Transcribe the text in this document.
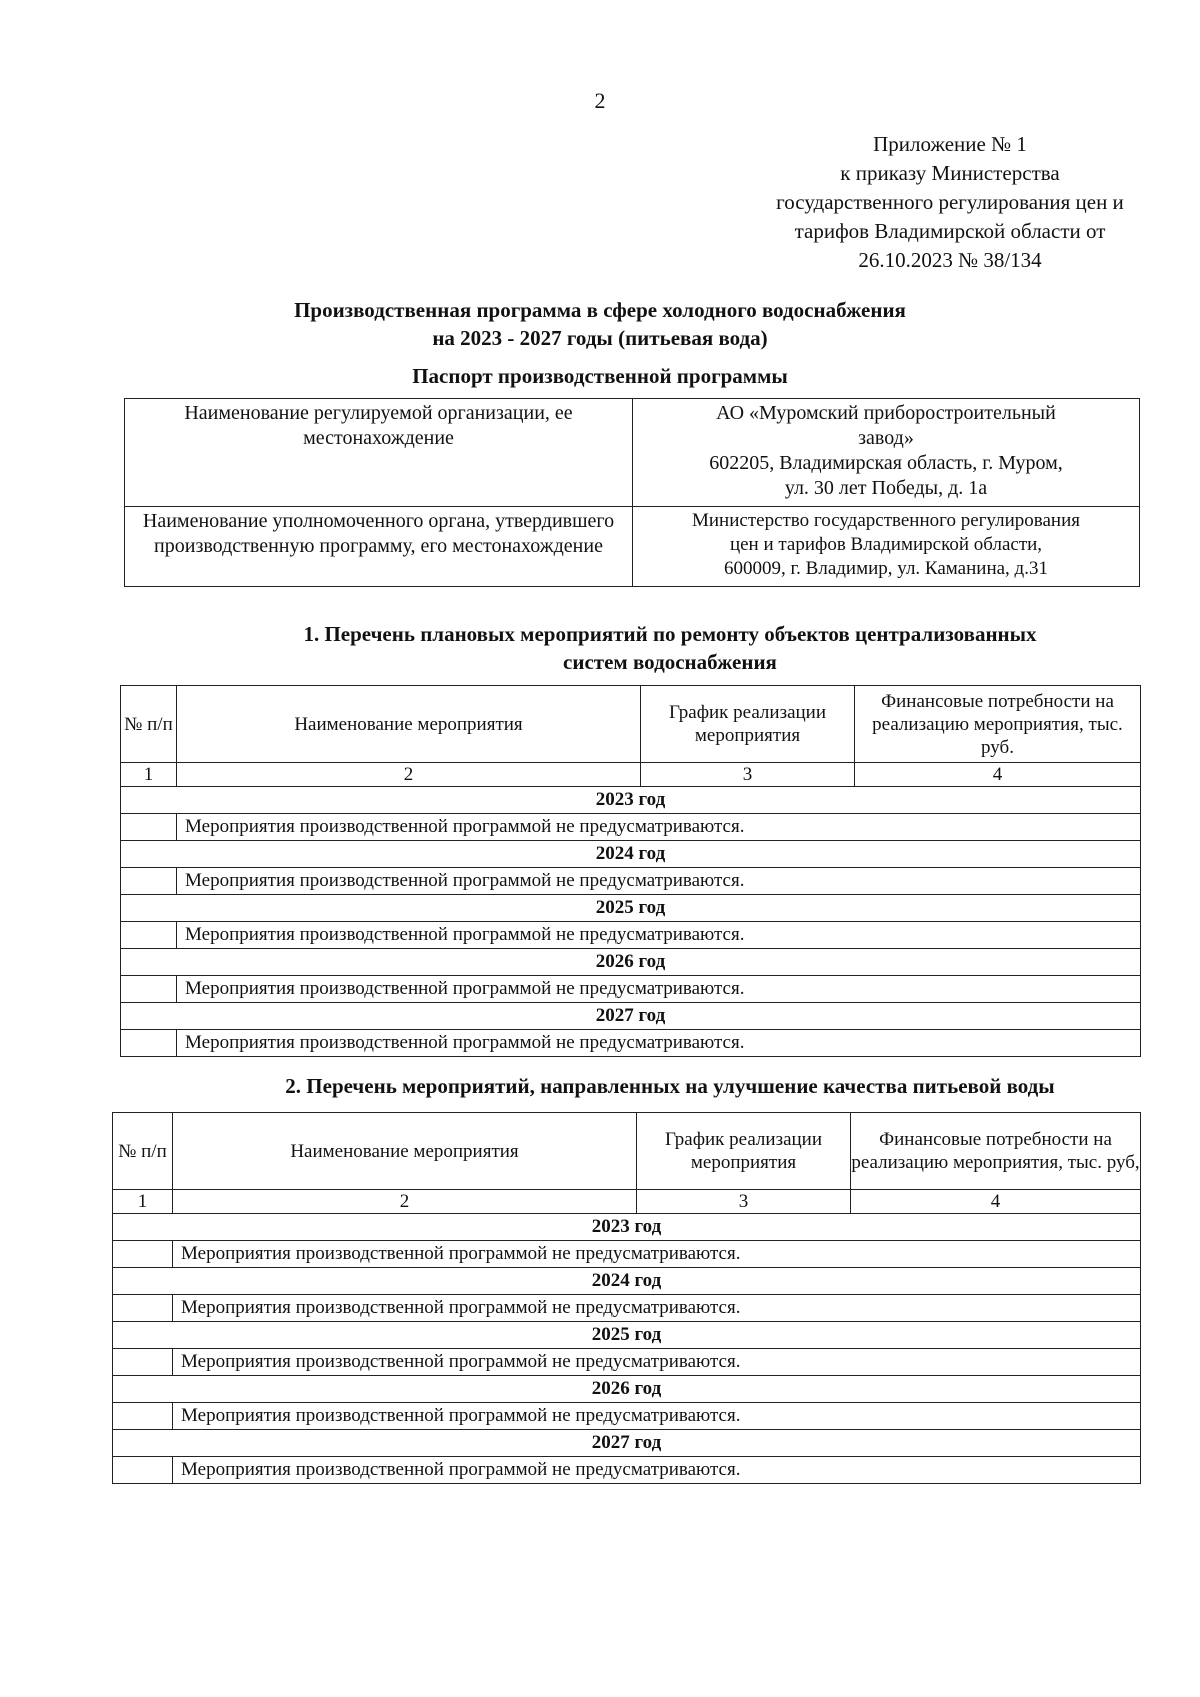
2
Приложение № 1
к приказу Министерства
государственного регулирования цен и
тарифов Владимирской области от
26.10.2023 № 38/134
Производственная программа в сфере холодного водоснабжения
на 2023 - 2027 годы (питьевая вода)
Паспорт производственной программы
Наименование регулируемой организации, ее местонахождение	АО «Муромский приборостроительный
завод»
602205, Владимирская область, г. Муром,
ул. 30 лет Победы, д. 1а

Наименование уполномоченного органа, утвердившего производственную программу, его местонахождение	Министерство государственного регулирования
цен и тарифов Владимирской области,
600009, г. Владимир, ул. Каманина, д.31
1. Перечень плановых мероприятий по ремонту объектов централизованных
систем водоснабжения
№ п/п	Наименование мероприятия	График реализации мероприятия	Финансовые потребности на реализацию мероприятия, тыс. руб.
1	2	3	4
2023 год			
	Мероприятия производственной программой не предусматриваются.		
2024 год			
	Мероприятия производственной программой не предусматриваются.		
2025 год			
	Мероприятия производственной программой не предусматриваются.		
2026 год			
	Мероприятия производственной программой не предусматриваются.		
2027 год			
	Мероприятия производственной программой не предусматриваются.		
2. Перечень мероприятий, направленных на улучшение качества питьевой воды
№ п/п	Наименование мероприятия	График реализации мероприятия	Финансовые потребности на реализацию мероприятия, тыс. руб,
1	2	3	4
2023 год			
	Мероприятия производственной программой не предусматриваются.		
2024 год			
	Мероприятия производственной программой не предусматриваются.		
2025 год			
	Мероприятия производственной программой не предусматриваются.		
2026 год			
	Мероприятия производственной программой не предусматриваются.		
2027 год			
	Мероприятия производственной программой не предусматриваются.		
